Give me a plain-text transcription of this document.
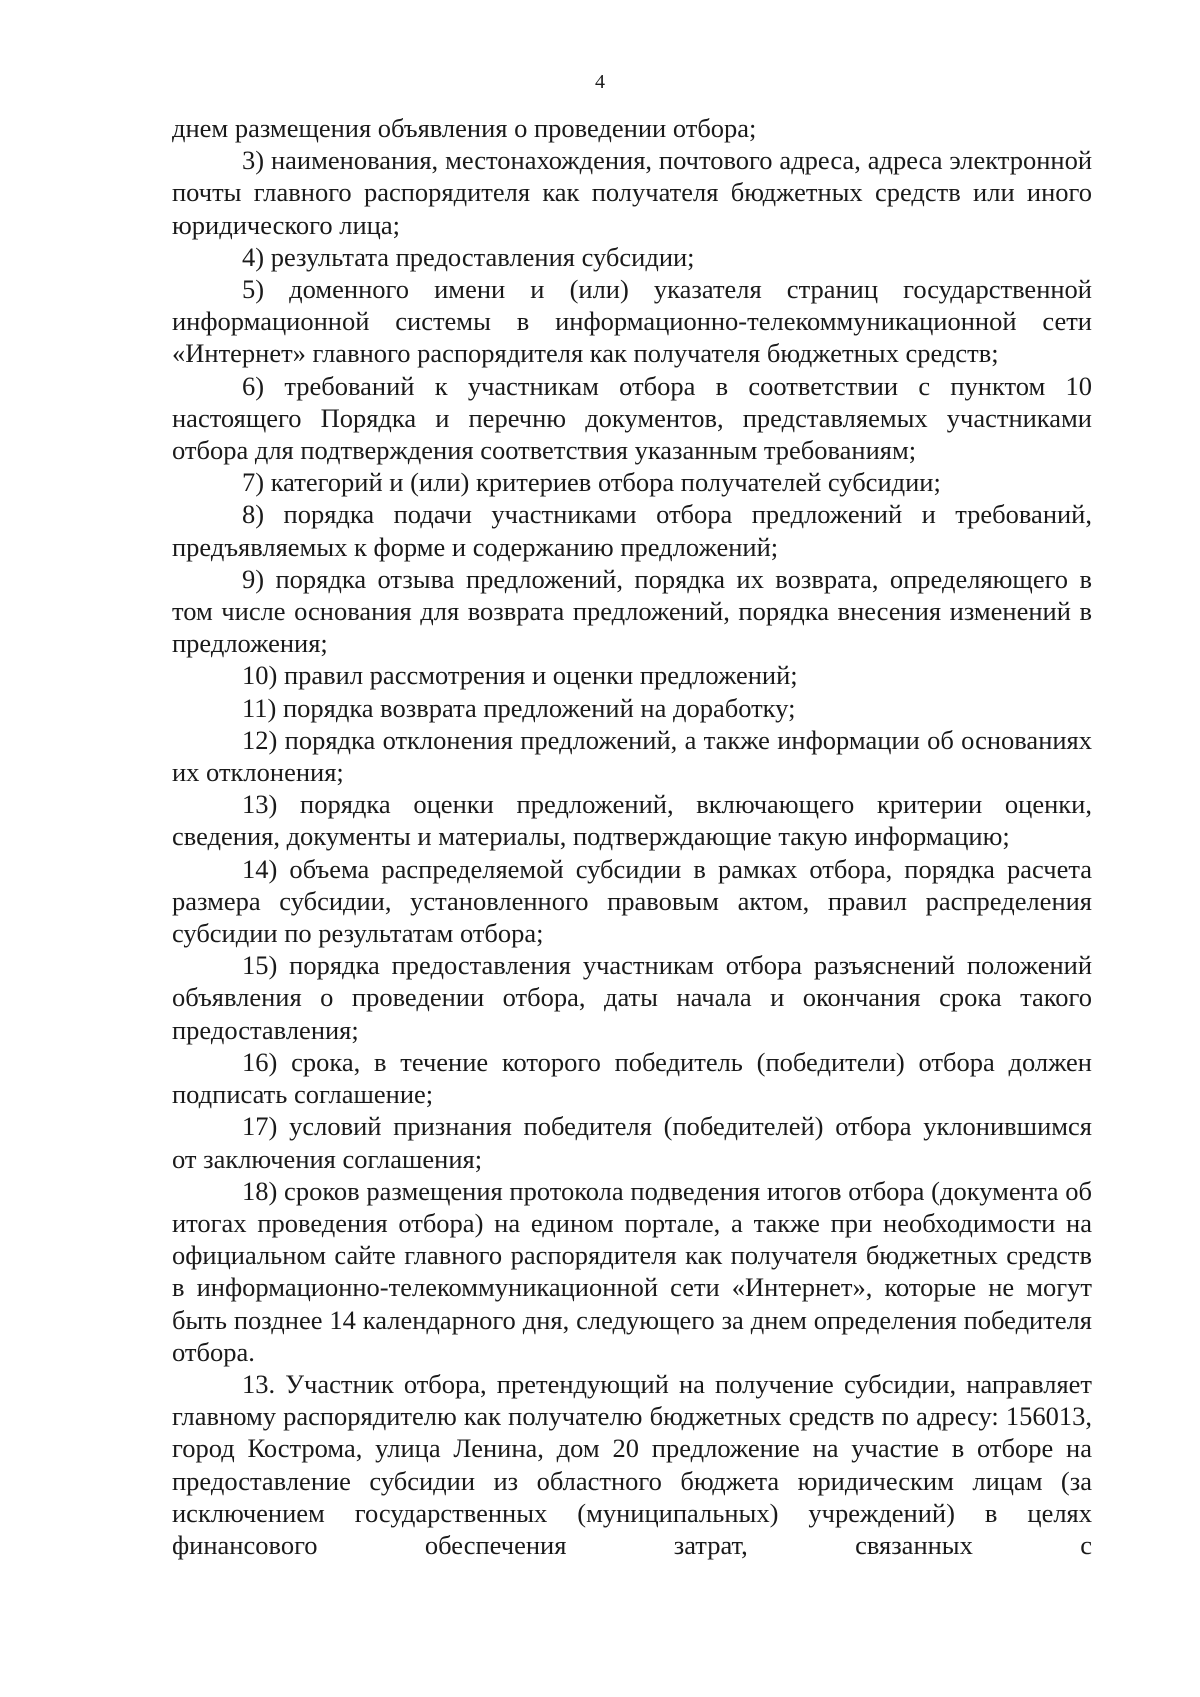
4

днем размещения объявления о проведении отбора;

3) наименования, местонахождения, почтового адреса, адреса электронной почты главного распорядителя как получателя бюджетных средств или иного юридического лица;

4) результата предоставления субсидии;

5) доменного имени и (или) указателя страниц государственной информационной системы в информационно-телекоммуникационной сети «Интернет» главного распорядителя как получателя бюджетных средств;

6) требований к участникам отбора в соответствии с пунктом 10 настоящего Порядка и перечню документов, представляемых участниками отбора для подтверждения соответствия указанным требованиям;

7) категорий и (или) критериев отбора получателей субсидии;

8) порядка подачи участниками отбора предложений и требований, предъявляемых к форме и содержанию предложений;

9) порядка отзыва предложений, порядка их возврата, определяющего в том числе основания для возврата предложений, порядка внесения изменений в предложения;

10) правил рассмотрения и оценки предложений;

11) порядка возврата предложений на доработку;

12) порядка отклонения предложений, а также информации об основаниях их отклонения;

13) порядка оценки предложений, включающего критерии оценки, сведения, документы и материалы, подтверждающие такую информацию;

14) объема распределяемой субсидии в рамках отбора, порядка расчета размера субсидии, установленного правовым актом, правил распределения субсидии по результатам отбора;

15) порядка предоставления участникам отбора разъяснений положений объявления о проведении отбора, даты начала и окончания срока такого предоставления;

16) срока, в течение которого победитель (победители) отбора должен подписать соглашение;

17) условий признания победителя (победителей) отбора уклонившимся от заключения соглашения;

18) сроков размещения протокола подведения итогов отбора (документа об итогах проведения отбора) на едином портале, а также при необходимости на официальном сайте главного распорядителя как получателя бюджетных средств в информационно-телекоммуникационной сети «Интернет», которые не могут быть позднее 14 календарного дня, следующего за днем определения победителя отбора.

13. Участник отбора, претендующий на получение субсидии, направляет главному распорядителю как получателю бюджетных средств по адресу: 156013, город Кострома, улица Ленина, дом 20 предложение на участие в отборе на предоставление субсидии из областного бюджета юридическим лицам (за исключением государственных (муниципальных) учреждений) в целях финансового обеспечения затрат, связанных с
